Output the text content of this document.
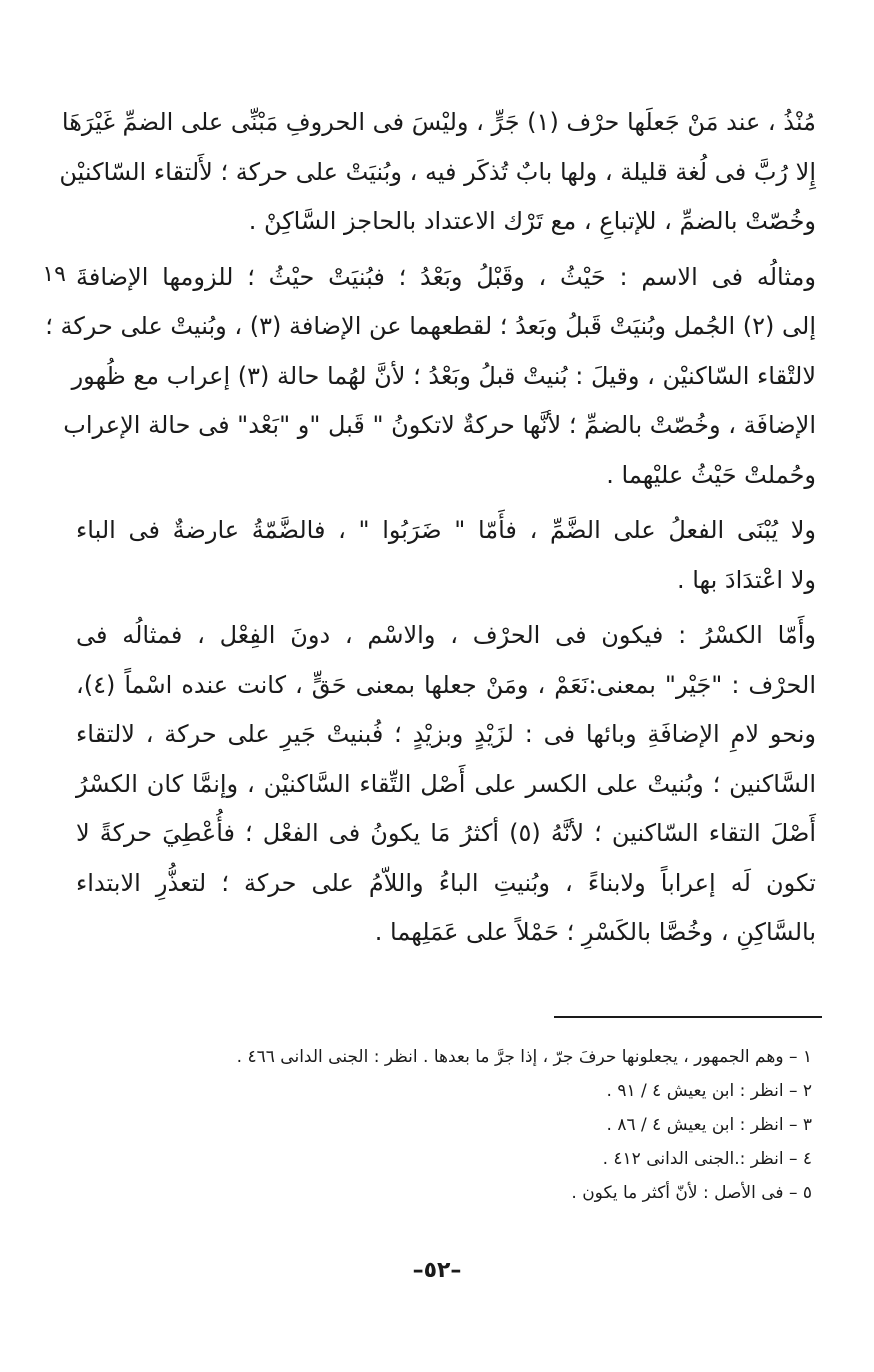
١٩
مُنْذُ ، عند مَنْ جَعلَها حرْف (١) جَرٍّ ، وليْسَ فى الحروفِ مَبْنِّى على الضمِّ غَيْرَهَا
إِلا رُبَّ فى لُغة قليلة ، ولها بابٌ تُذكَر فيه ، وبُنيَتْ على حركة ؛ لأَلتقاء السّاكنيْن
وخُصّتْ بالضمِّ ، للإتباعِ ، مع تَرْك الاعتداد بالحاجز السَّاكِنْ .
ومثالُه فى الاسم : حَيْثُ ، وقَبْلُ وبَعْدُ ؛ فبُنيَتْ حيْثُ ؛ للزومها الإضافةَ
إلى (٢) الجُمل وبُنيَتْ قَبلُ وبَعدُ ؛ لقطعهما عن الإضافة (٣) ، وبُنيتْ على حركة ؛
لالتْقاء السّاكنيْن ، وقيلَ : بُنيتْ قبلُ وبَعْدُ ؛ لأنَّ لهُما حالة (٣) إعراب مع ظُهور
الإضافَة ، وخُصّتْ بالضمِّ ؛ لأنَّها حركةٌ لاتكونُ " قَبل "و "بَعْد" فى حالة الإعراب
وحُملتْ حَيْثُ عليْهما .
ولا يُبْنَى الفعلُ على الضَّمِّ ، فأَمّا " ضَرَبُوا " ، فالضَّمّةُ عارضةٌ فى الباء
ولا اعْتدَادَ بها .
وأَمّا الكسْرُ : فيكون فى الحرْف ، والاسْم ، دونَ الفِعْل ، فمثالُه فى
الحرْف : "جَيْر" بمعنى:نَعَمْ ، ومَنْ جعلها بمعنى حَقٍّ ، كانت عنده اسْماً (٤)،
ونحو لامِ الإضافَةِ وبائها فى : لزَيْدٍ وبزيْدٍ ؛ فُبنيتْ جَيرِ على حركة ، لالتقاء
السَّاكنين ؛ وبُنيتْ على الكسر على أَصْل التِّقاء السَّاكنيْن ، وإنمَّا كان الكسْرُ
أَصْلَ التقاء السّاكنين ؛ لأنَّهُ (٥) أكثرُ مَا يكونُ فى الفعْل ؛ فأُعْطِيَ حركةً لا
تكون لَه إعراباً ولابناءً ، وبُنيتِ الباءُ واللاّمُ على حركة ؛ لتعذُّرِ الابتداء
بالسَّاكِنِ ، وخُصَّا بالكَسْرِ ؛ حَمْلاً على عَمَلِهما .
١ – وهم الجمهور ، يجعلونها حرفَ جرّ ، إذا جرَّ ما بعدها . انظر : الجنى الدانى ٤٦٦ .
٢ – انظر : ابن يعيش ٤ / ٩١ .
٣ – انظر : ابن يعيش ٤ / ٨٦ .
٤ – انظر :.الجنى الدانى ٤١٢ .
٥ – فى الأصل : لأنّ أكثر ما يكون .
–٥٢–
